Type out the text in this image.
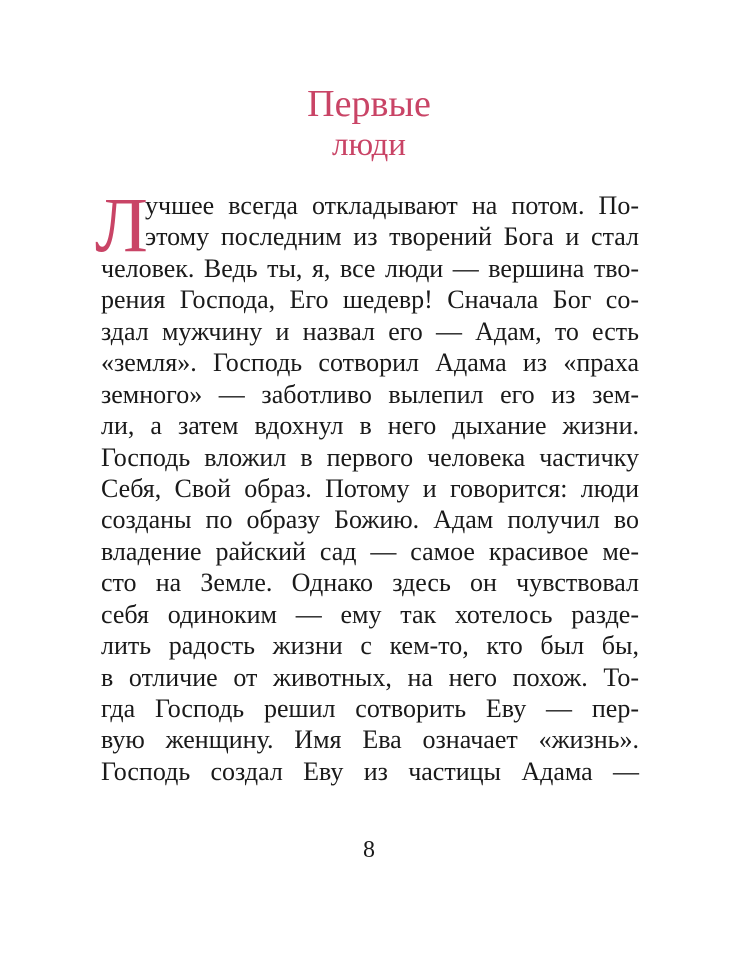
Первые
люди
Л
учшее всегда откладывают на потом. По-
этому последним из творений Бога и стал
человек. Ведь ты, я, все люди — вершина тво-
рения Господа, Его шедевр! Сначала Бог со-
здал мужчину и назвал его — Адам, то есть
«земля». Господь сотворил Адама из «праха
земного» — заботливо вылепил его из зем-
ли, а затем вдохнул в него дыхание жизни.
Господь вложил в первого человека частичку
Себя, Свой образ. Потому и говорится: люди
созданы по образу Божию. Адам получил во
владение райский сад — самое красивое ме-
сто на Земле. Однако здесь он чувствовал
себя одиноким — ему так хотелось разде-
лить радость жизни с кем-то, кто был бы,
в отличие от животных, на него похож. То-
гда Господь решил сотворить Еву — пер-
вую женщину. Имя Ева означает «жизнь».
Господь создал Еву из частицы Адама —
8
